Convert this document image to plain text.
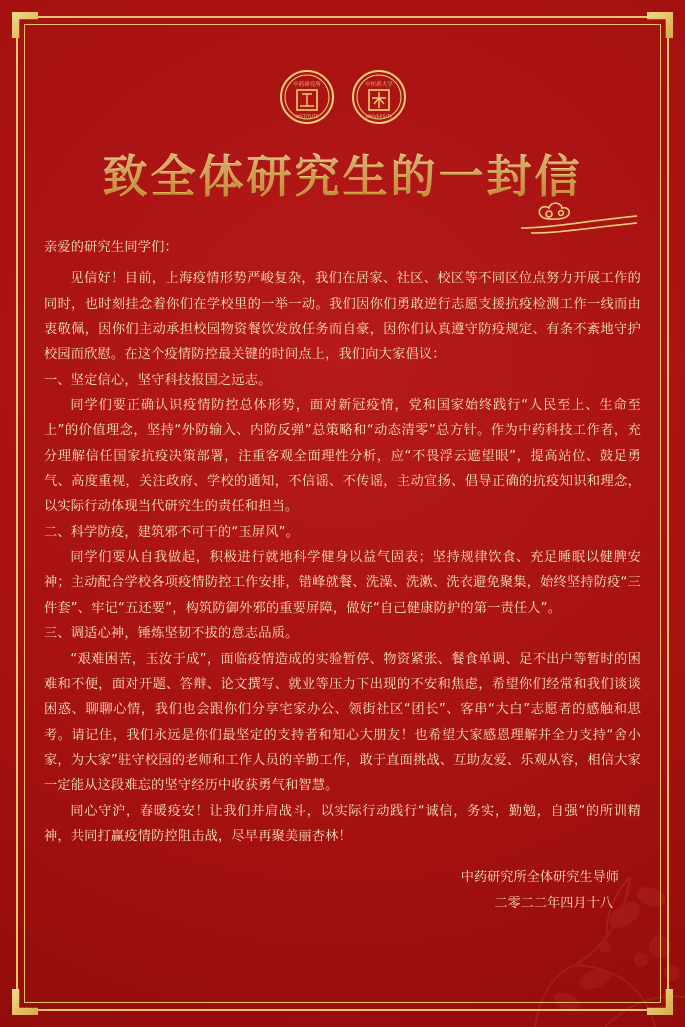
中药研究所
INSTITUTE
中医药大学
UNIVERSITY
致全体研究生的一封信

亲爱的研究生同学们：

见信好！目前，上海疫情形势严峻复杂，我们在居家、社区、校区等不同区位点努力开展工作的同时，也时刻挂念着你们在学校里的一举一动。我们因你们勇敢逆行志愿支援抗疫检测工作一线而由衷敬佩，因你们主动承担校园物资餐饮发放任务而自豪，因你们认真遵守防疫规定、有条不紊地守护校园而欣慰。在这个疫情防控最关键的时间点上，我们向大家倡议：

一、坚定信心，坚守科技报国之远志。

同学们要正确认识疫情防控总体形势，面对新冠疫情，党和国家始终践行“人民至上、生命至上”的价值理念，坚持“外防输入、内防反弹”总策略和“动态清零”总方针。作为中药科技工作者，充分理解信任国家抗疫决策部署，注重客观全面理性分析，应“不畏浮云遮望眼”，提高站位、鼓足勇气、高度重视，关注政府、学校的通知，不信谣、不传谣，主动宣扬、倡导正确的抗疫知识和理念，以实际行动体现当代研究生的责任和担当。

二、科学防疫，建筑邪不可干的“玉屏风”。

同学们要从自我做起，积极进行就地科学健身以益气固表；坚持规律饮食、充足睡眠以健脾安神；主动配合学校各项疫情防控工作安排，错峰就餐、洗澡、洗漱、洗衣避免聚集，始终坚持防疫“三件套”、牢记“五还要”，构筑防御外邪的重要屏障，做好“自己健康防护的第一责任人”。

三、调适心神，锤炼坚韧不拔的意志品质。

“艰难困苦，玉汝于成”，面临疫情造成的实验暂停、物资紧张、餐食单调、足不出户等暂时的困难和不便，面对开题、答辩、论文撰写、就业等压力下出现的不安和焦虑，希望你们经常和我们谈谈困惑、聊聊心情，我们也会跟你们分享宅家办公、领街社区“团长”、客串“大白”志愿者的感触和思考。请记住，我们永远是你们最坚定的支持者和知心大朋友！也希望大家感恩理解并全力支持“舍小家，为大家”驻守校园的老师和工作人员的辛勤工作，敢于直面挑战、互助友爱、乐观从容，相信大家一定能从这段难忘的坚守经历中收获勇气和智慧。

同心守沪，春暖疫安！让我们并肩战斗，以实际行动践行“诚信，务实，勤勉，自强”的所训精神，共同打赢疫情防控阻击战，尽早再聚美丽杏林！

中药研究所全体研究生导师
二零二二年四月十八
